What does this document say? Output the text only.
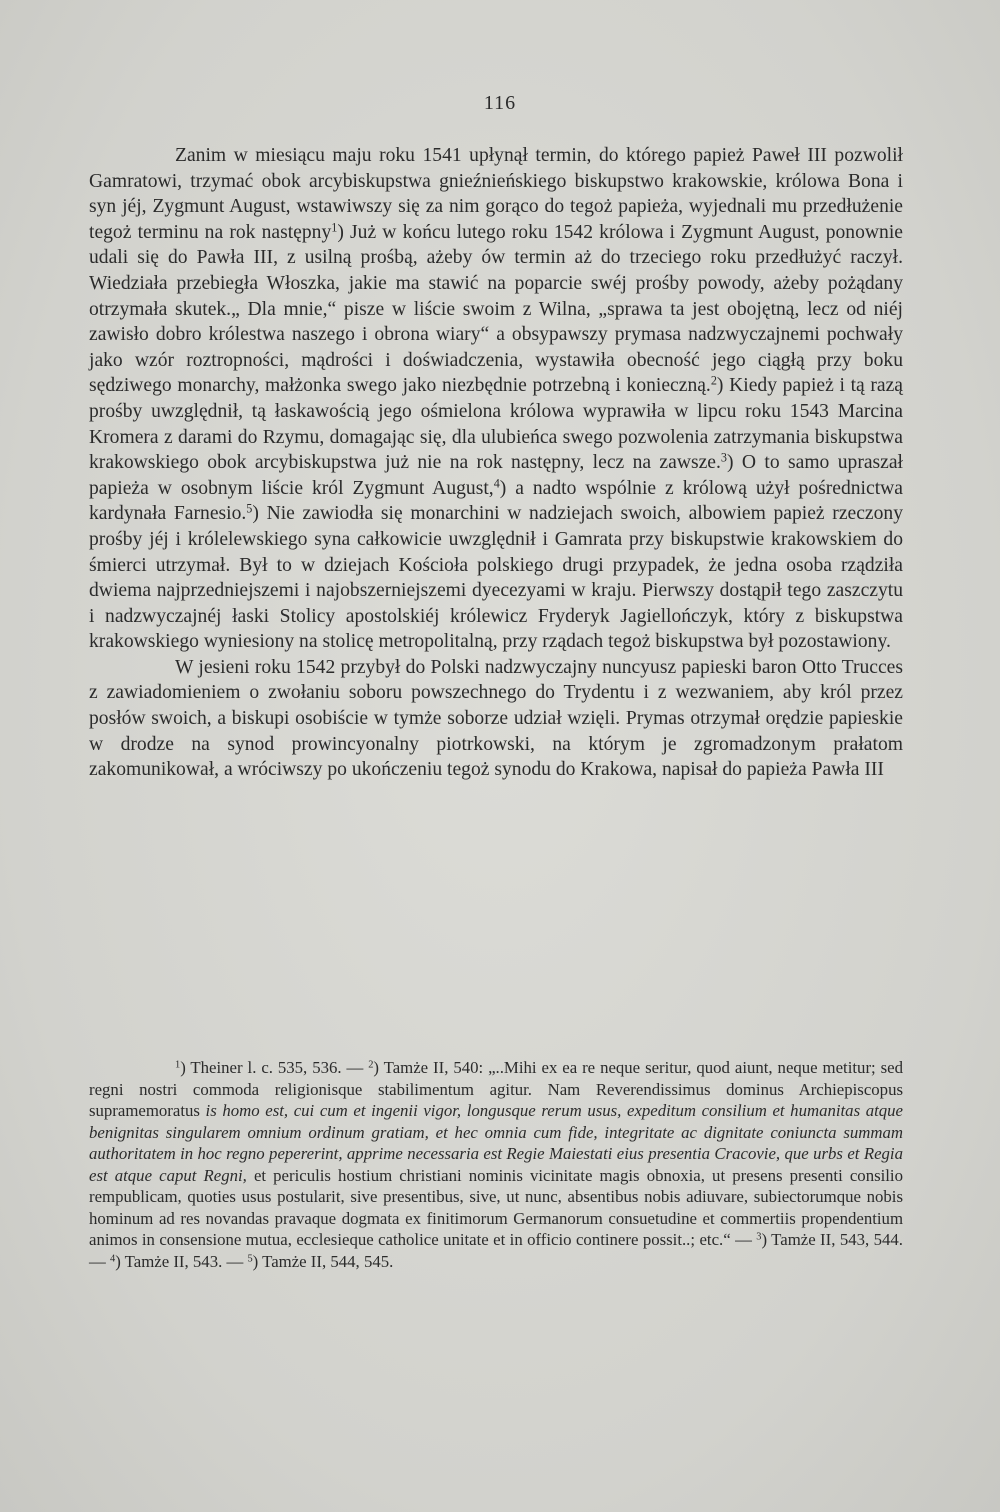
116

Zanim w miesiącu maju roku 1541 upłynął termin, do którego papież Paweł III pozwolił Gamratowi, trzymać obok arcybiskupstwa gnieźnieńskiego biskupstwo krakowskie, królowa Bona i syn jéj, Zygmunt August, wstawiwszy się za nim gorąco do tegoż papieża, wyjednali mu przedłużenie tegoż terminu na rok następny$^1$) Już w końcu lutego roku 1542 królowa i Zygmunt August, ponownie udali się do Pawła III, z usilną prośbą, ażeby ów termin aż do trzeciego roku przedłużyć raczył. Wiedziała przebiegła Włoszka, jakie ma stawić na poparcie swéj prośby powody, ażeby pożądany otrzymała skutek.„ Dla mnie,“ pisze w liście swoim z Wilna, „sprawa ta jest obojętną, lecz od niéj zawisło dobro królestwa naszego i obrona wiary“ a obsypawszy prymasa nadzwyczajnemi pochwały jako wzór roztropności, mądrości i doświadczenia, wystawiła obecność jego ciągłą przy boku sędziwego monarchy, małżonka swego jako niezbędnie potrzebną i konieczną.$^2$) Kiedy papież i tą razą prośby uwzględnił, tą łaskawością jego ośmielona królowa wyprawiła w lipcu roku 1543 Marcina Kromera z darami do Rzymu, domagając się, dla ulubieńca swego pozwolenia zatrzymania biskupstwa krakowskiego obok arcybiskupstwa już nie na rok następny, lecz na zawsze.$^3$) O to samo upraszał papieża w osobnym liście król Zygmunt August,$^4$) a nadto wspólnie z królową użył pośrednictwa kardynała Farnesio.$^5$) Nie zawiodła się monarchini w nadziejach swoich, albowiem papież rzeczony prośby jéj i królelewskiego syna całkowicie uwzględnił i Gamrata przy biskupstwie krakowskiem do śmierci utrzymał. Był to w dziejach Kościoła polskiego drugi przypadek, że jedna osoba rządziła dwiema najprzedniejszemi i najobszerniejszemi dyecezyami w kraju. Pierwszy dostąpił tego zaszczytu i nadzwyczajnéj łaski Stolicy apostolskiéj królewicz Fryderyk Jagiellończyk, który z biskupstwa krakowskiego wyniesiony na stolicę metropolitalną, przy rządach tegoż biskupstwa był pozostawiony.

W jesieni roku 1542 przybył do Polski nadzwyczajny nuncyusz papieski baron Otto Trucces z zawiadomieniem o zwołaniu soboru powszechnego do Trydentu i z wezwaniem, aby król przez posłów swoich, a biskupi osobiście w tymże soborze udział wzięli. Prymas otrzymał orędzie papieskie w drodze na synod prowincyonalny piotrkowski, na którym je zgromadzonym prałatom zakomunikował, a wróciwszy po ukończeniu tegoż synodu do Krakowa, napisał do papieża Pawła III

$^1$) Theiner l. c. 535, 536. — $^2$) Tamże II, 540: „..Mihi ex ea re neque seritur, quod aiunt, neque metitur; sed regni nostri commoda religionisque stabilimentum agitur. Nam Reverendissimus dominus Archiepiscopus supramemoratus is homo est, cui cum et ingenii vigor, longusque rerum usus, expeditum consilium et humanitas atque benignitas singularem omnium ordinum gratiam, et hec omnia cum fide, integritate ac dignitate coniuncta summam authoritatem in hoc regno pepererint, apprime necessaria est Regie Maiestati eius presentia Cracovie, que urbs et Regia est atque caput Regni, et periculis hostium christiani nominis vicinitate magis obnoxia, ut presens presenti consilio rempublicam, quoties usus postularit, sive presentibus, sive, ut nunc, absentibus nobis adiuvare, subiectorumque nobis hominum ad res novandas pravaque dogmata ex finitimorum Germanorum consuetudine et commertiis propendentium animos in consensione mutua, ecclesieque catholice unitate et in officio continere possit..; etc.“ — $^3$) Tamże II, 543, 544. — $^4$) Tamże II, 543. — $^5$) Tamże II, 544, 545.
